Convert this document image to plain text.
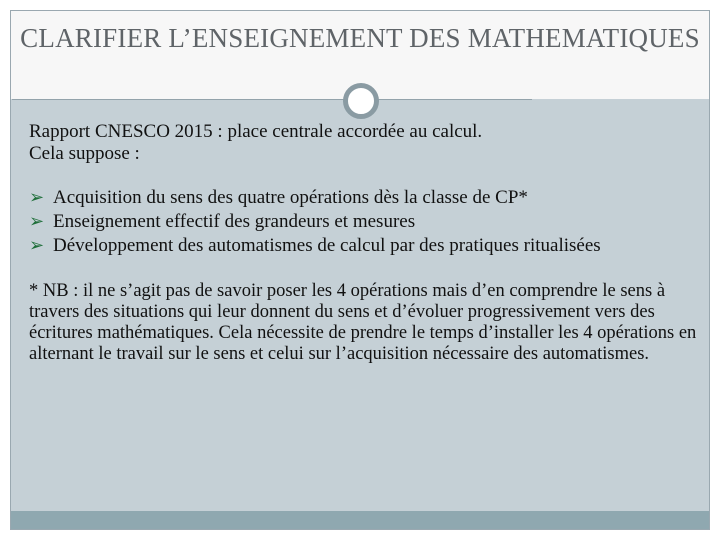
CLARIFIER L’ENSEIGNEMENT DES MATHEMATIQUES
Rapport CNESCO 2015 : place centrale accordée au calcul.
Cela suppose :
➢ Acquisition du sens des quatre opérations dès la classe de CP*
➢ Enseignement effectif des grandeurs et mesures
➢ Développement des automatismes de calcul par des pratiques ritualisées

* NB : il ne s’agit pas de savoir poser les 4 opérations mais d’en comprendre le sens à travers des situations qui leur donnent du sens et d’évoluer progressivement vers des écritures mathématiques. Cela nécessite de prendre le temps d’installer les 4 opérations en alternant le travail sur le sens et celui sur l’acquisition nécessaire des automatismes.
